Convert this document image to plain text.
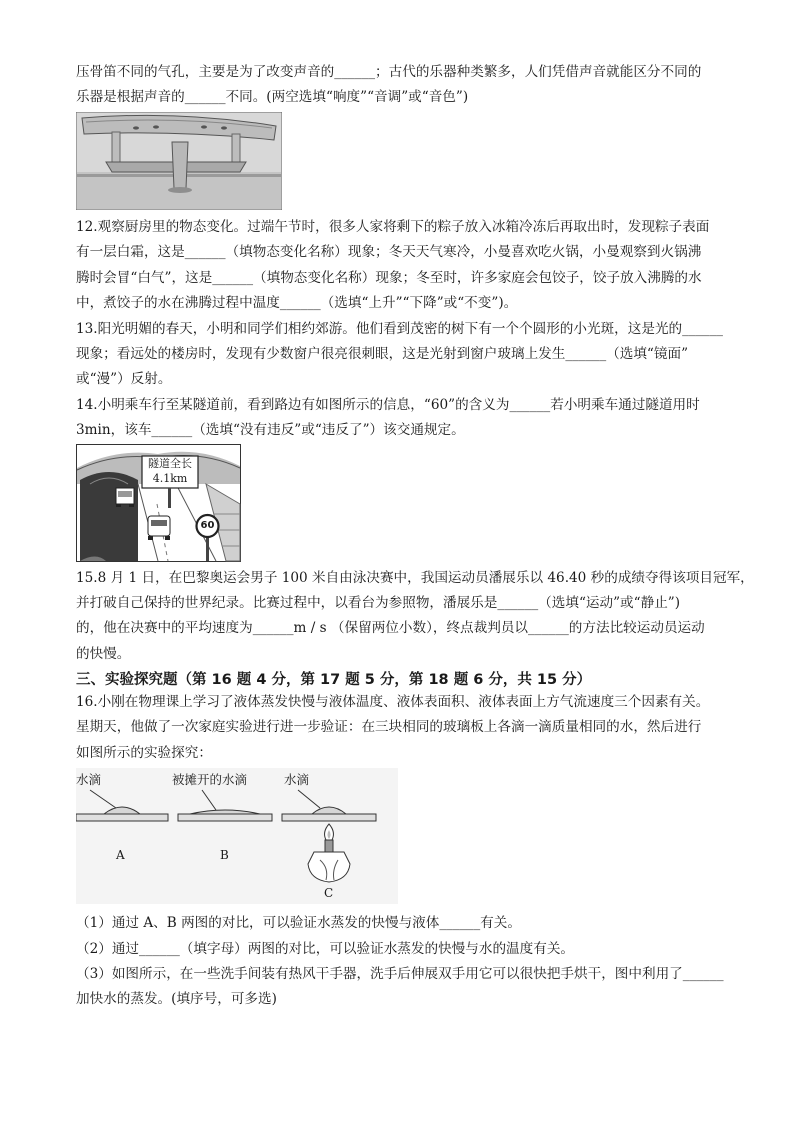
压骨笛不同的气孔，主要是为了改变声音的______；古代的乐器种类繁多，人们凭借声音就能区分不同的
乐器是根据声音的______不同。(两空选填“响度”“音调”或“音色”)
12.观察厨房里的物态变化。过端午节时，很多人家将剩下的粽子放入冰箱冷冻后再取出时，发现粽子表面
有一层白霜，这是______（填物态变化名称）现象；冬天天气寒冷，小曼喜欢吃火锅，小曼观察到火锅沸
腾时会冒“白气”，这是______（填物态变化名称）现象；冬至时，许多家庭会包饺子，饺子放入沸腾的水
中，煮饺子的水在沸腾过程中温度______（选填“上升”“下降”或“不变”)。
13.阳光明媚的春天，小明和同学们相约郊游。他们看到茂密的树下有一个个圆形的小光斑，这是光的______
现象；看远处的楼房时，发现有少数窗户很亮很刺眼，这是光射到窗户玻璃上发生______（选填“镜面”
或“漫”）反射。
14.小明乘车行至某隧道前，看到路边有如图所示的信息，“60”的含义为______若小明乘车通过隧道用时
3min，该车______（选填“没有违反”或“违反了”）该交通规定。
隧道全长
4.1km
60
15.8 月 1 日，在巴黎奥运会男子 100 米自由泳决赛中，我国运动员潘展乐以 46.40 秒的成绩夺得该项目冠军，
并打破自己保持的世界纪录。比赛过程中，以看台为参照物，潘展乐是______（选填“运动”或“静止”)
的，他在决赛中的平均速度为______m / s （保留两位小数），终点裁判员以______的方法比较运动员运动
的快慢。
三、实验探究题（第 16 题 4 分，第 17 题 5 分，第 18 题 6 分，共 15 分）
16.小刚在物理课上学习了液体蒸发快慢与液体温度、液体表面积、液体表面上方气流速度三个因素有关。
星期天，他做了一次家庭实验进行进一步验证：在三块相同的玻璃板上各滴一滴质量相同的水，然后进行
如图所示的实验探究：
水滴	被摊开的水滴	水滴
A	B
C
（1）通过 A、B 两图的对比，可以验证水蒸发的快慢与液体______有关。
（2）通过______（填字母）两图的对比，可以验证水蒸发的快慢与水的温度有关。
（3）如图所示，在一些洗手间装有热风干手器，洗手后伸展双手用它可以很快把手烘干，图中利用了______
加快水的蒸发。(填序号，可多选)
